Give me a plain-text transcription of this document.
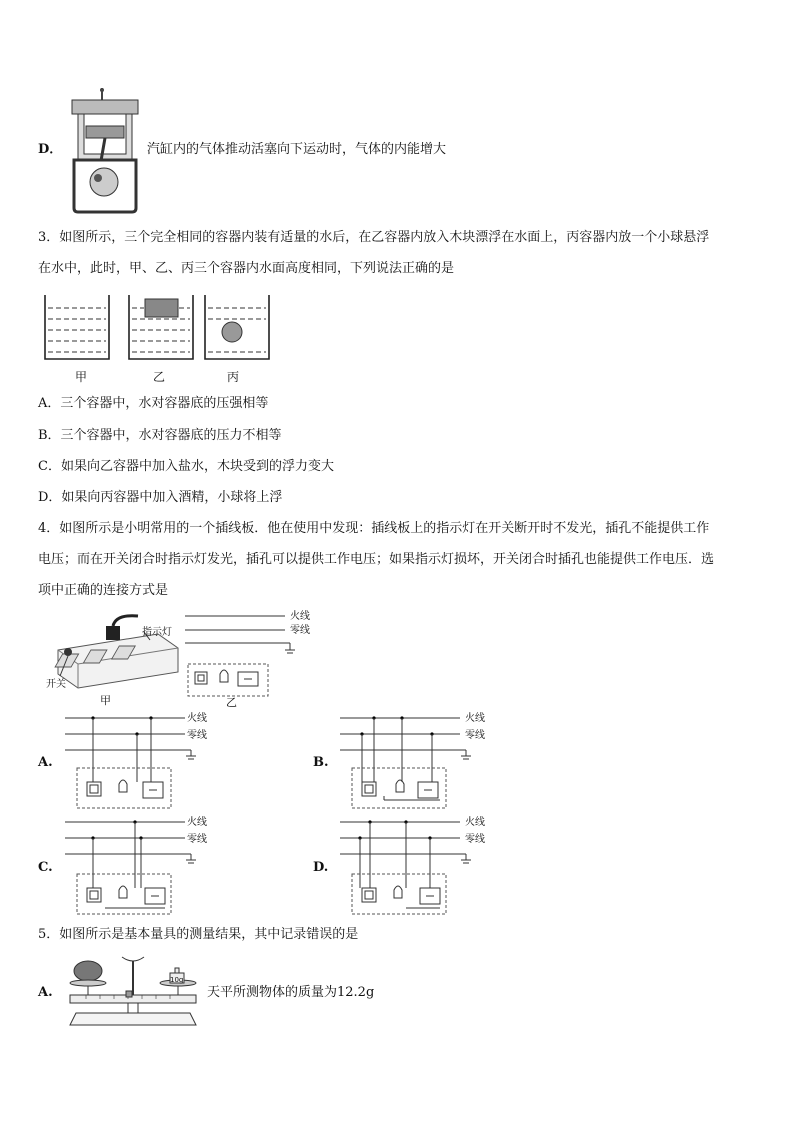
D．	汽缸内的气体推动活塞向下运动时，气体的内能增大
3．如图所示，三个完全相同的容器内装有适量的水后，在乙容器内放入木块漂浮在水面上，丙容器内放一个小球悬浮
在水中，此时，甲、乙、丙三个容器内水面高度相同，下列说法正确的是
甲	乙	丙
A．三个容器中，水对容器底的压强相等
B．三个容器中，水对容器底的压力不相等
C．如果向乙容器中加入盐水，木块受到的浮力变大
D．如果向丙容器中加入酒精，小球将上浮
4．如图所示是小明常用的一个插线板．他在使用中发现：插线板上的指示灯在开关断开时不发光，插孔不能提供工作
电压；而在开关闭合时指示灯发光，插孔可以提供工作电压；如果指示灯损坏，开关闭合时插孔也能提供工作电压．选
项中正确的连接方式是
开关
指示灯
甲
火线
零线
乙
A.
火线
零线
B.
火线
零线
C.
火线
零线
D.
火线
零线
5．如图所示是基本量具的测量结果，其中记录错误的是
A.
10g
天平所测物体的质量为12.2g
